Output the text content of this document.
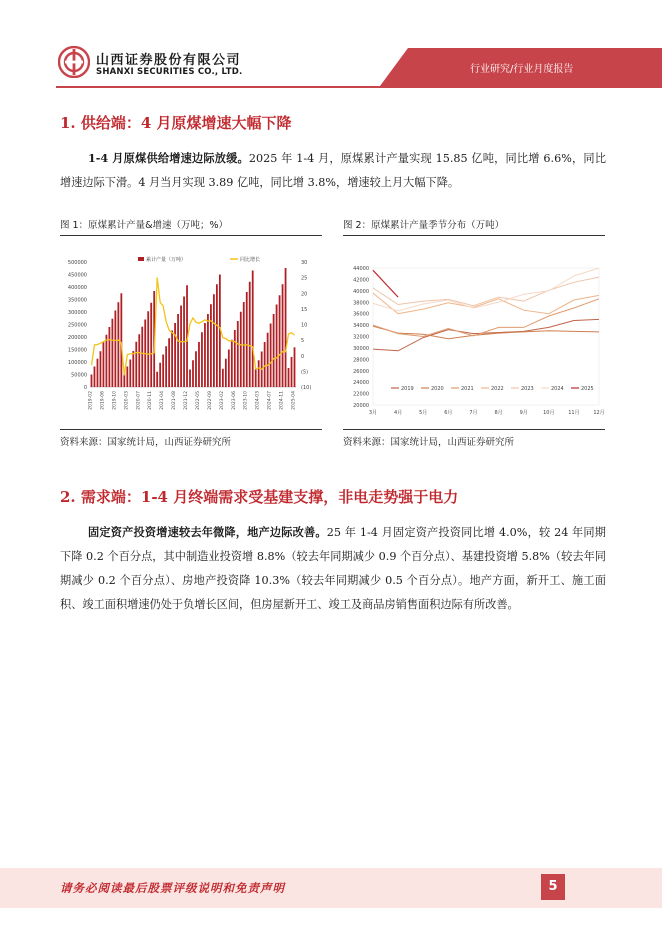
山西证券股份有限公司
SHANXI SECURITIES CO., LTD.	行业研究/行业月度报告
1. 供给端：4 月原煤增速大幅下降
1-4 月原煤供给增速边际放缓。2025 年 1-4 月，原煤累计产量实现 15.85 亿吨，同比增 6.6%，同比增速边际下滑。4 月当月实现 3.89 亿吨，同比增 3.8%，增速较上月大幅下降。
图 1：原煤累计产量&增速（万吨；%）
0
50000
100000
150000
200000
250000
300000
350000
400000
450000
500000
(10)
(5)
0
5
10
15
20
25
30
2019-02 2019-06 2019-10 2020-03 2020-07 2020-11 2021-04 2021-08 2021-12 2022-05 2022-09 2023-02 2023-06 2023-10 2024-03 2024-07 2024-11 2025-04
累计产量（万吨）	同比增长
资料来源：国家统计局，山西证券研究所
图 2：原煤累计产量季节分布（万吨）
20000
22000
24000
26000
28000
30000
32000
34000
36000
38000
40000
42000
44000
3月	4月	5月	6月	7月	8月	9月	10月	11月	12月
2019	2020	2021	2022	2023	2024	2025
资料来源：国家统计局，山西证券研究所
2. 需求端：1-4 月终端需求受基建支撑，非电走势强于电力
固定资产投资增速较去年微降，地产边际改善。25 年 1-4 月固定资产投资同比增 4.0%，较 24 年同期下降 0.2 个百分点，其中制造业投资增 8.8%（较去年同期减少 0.9 个百分点）、基建投资增 5.8%（较去年同期减少 0.2 个百分点）、房地产投资降 10.3%（较去年同期减少 0.5 个百分点）。地产方面，新开工、施工面积、竣工面积增速仍处于负增长区间，但房屋新开工、竣工及商品房销售面积边际有所改善。
请务必阅读最后股票评级说明和免责声明	5
